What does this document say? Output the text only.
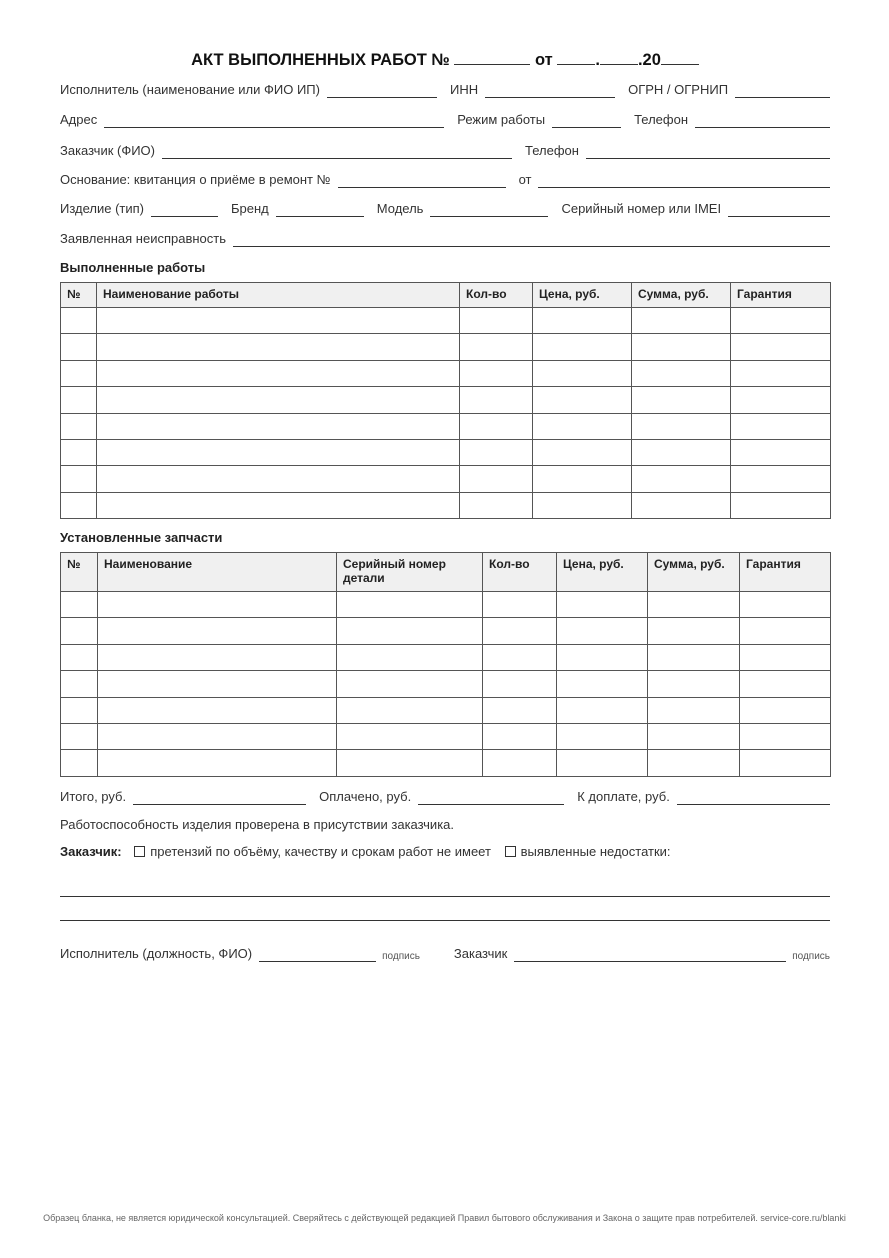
АКТ ВЫПОЛНЕННЫХ РАБОТ №	от	. .20
Исполнитель (наименование или ФИО ИП)	ИНН	ОГРН / ОГРНИП
Адрес	Режим работы	Телефон
Заказчик (ФИО)	Телефон
Основание: квитанция о приёме в ремонт №	от
Изделие (тип)	Бренд	Модель	Серийный номер или IMEI
Заявленная неисправность
Выполненные работы
№	Наименование работы	Кол-во	Цена, руб.	Сумма, руб.	Гарантия

Установленные запчасти
№	Наименование	Серийный номер детали	Кол-во	Цена, руб.	Сумма, руб.	Гарантия

Итого, руб.	Оплачено, руб.	К доплате, руб.
Работоспособность изделия проверена в присутствии заказчика.
Заказчик: претензий по объёму, качеству и срокам работ не имеет выявленные недостатки:
Исполнитель (должность, ФИО)	подпись	Заказчик	подпись
Образец бланка, не является юридической консультацией. Сверяйтесь с действующей редакцией Правил бытового обслуживания и Закона о защите прав потребителей. service-core.ru/blanki
